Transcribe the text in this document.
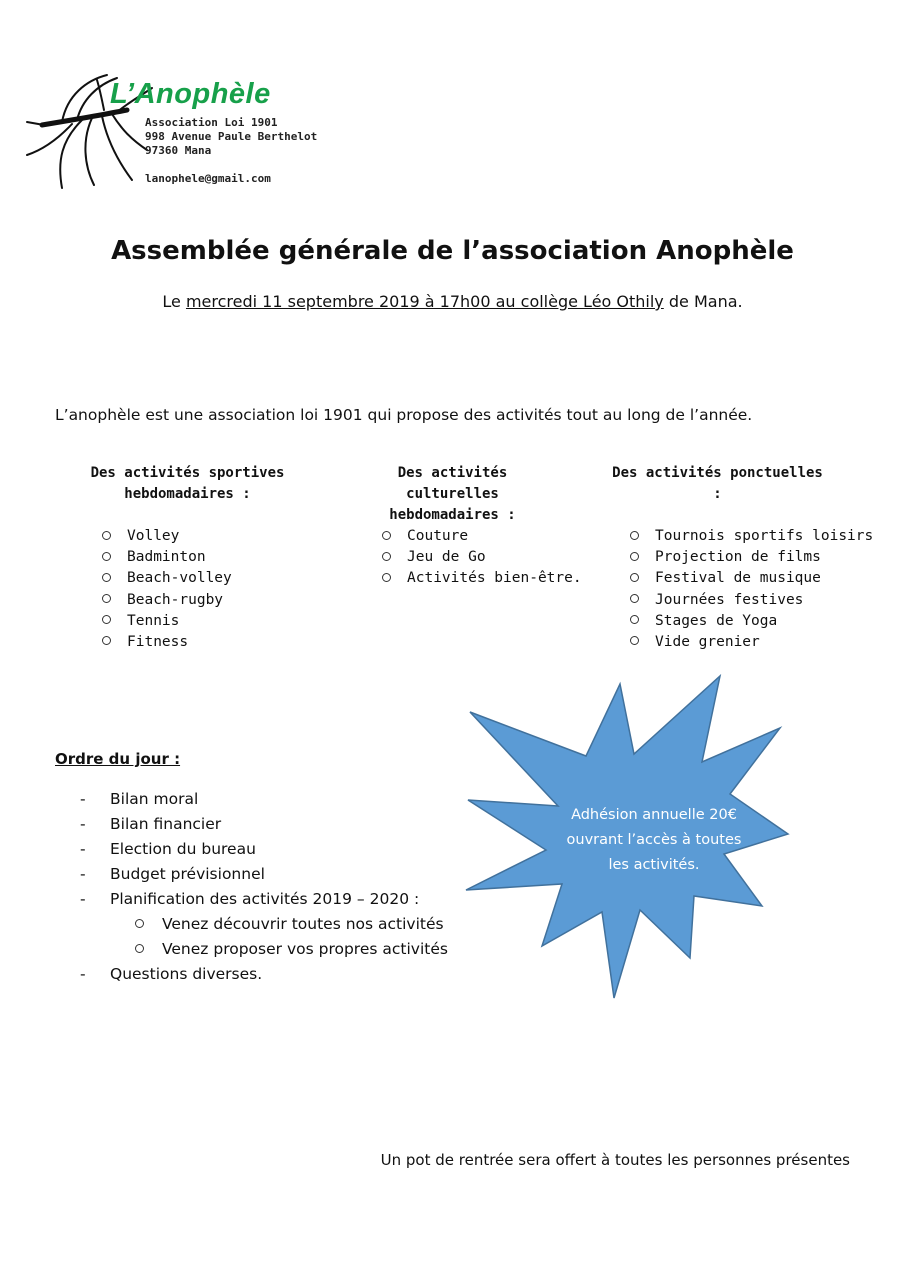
L’Anophèle
Association Loi 1901
998 Avenue Paule Berthelot
97360 Mana
lanophele@gmail.com
Assemblée générale de l’association Anophèle
Le mercredi 11 septembre 2019 à 17h00 au collège Léo Othily de Mana.
L’anophèle est une association loi 1901 qui propose des activités tout au long de l’année.
Des activités sportives
hebdomadaires :
Volley
Badminton
Beach-volley
Beach-rugby
Tennis
Fitness
Des activités culturelles
hebdomadaires :
Couture
Jeu de Go
Activités bien-être.
Des activités ponctuelles :
Tournois sportifs loisirs
Projection de films
Festival de musique
Journées festives
Stages de Yoga
Vide grenier
Adhésion annuelle 20€
ouvrant l’accès à toutes
les activités.
Ordre du jour :
- Bilan moral
- Bilan financier
- Election du bureau
- Budget prévisionnel
- Planification des activités 2019 – 2020 :
Venez découvrir toutes nos activités
Venez proposer vos propres activités
- Questions diverses.
Un pot de rentrée sera offert à toutes les personnes présentes
